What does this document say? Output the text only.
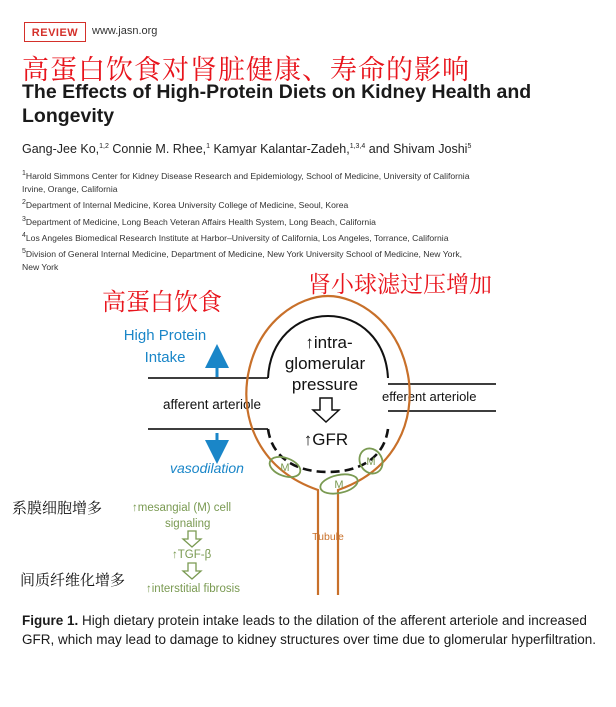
REVIEW	www.jasn.org
高蛋白饮食对肾脏健康、寿命的影响
The Effects of High-Protein Diets on Kidney Health and Longevity
Gang-Jee Ko,$^{1,2}$ Connie M. Rhee,$^1$ Kamyar Kalantar-Zadeh,$^{1,3,4}$ and Shivam Joshi$^5$
$^1$Harold Simmons Center for Kidney Disease Research and Epidemiology, School of Medicine, University of California
Irvine, Orange, California
$^2$Department of Internal Medicine, Korea University College of Medicine, Seoul, Korea
$^3$Department of Medicine, Long Beach Veteran Affairs Health System, Long Beach, California
$^4$Los Angeles Biomedical Research Institute at Harbor–University of California, Los Angeles, Torrance, California
$^5$Division of General Internal Medicine, Department of Medicine, New York University School of Medicine, New York,
New York
高蛋白饮食
肾小球滤过压增加
系膜细胞增多
间质纤维化增多
High Protein
Intake
afferent arteriole
efferent arteriole
↑intra-
glomerular
pressure
↑GFR
M
M
M
Tubule
vasodilation
↑mesangial (M) cell
signaling
↑TGF-β
↑interstitial fibrosis
Figure 1. High dietary protein intake leads to the dilation of the afferent arteriole and increased GFR, which may lead to damage to kidney structures over time due to glomerular hyperfiltration.
